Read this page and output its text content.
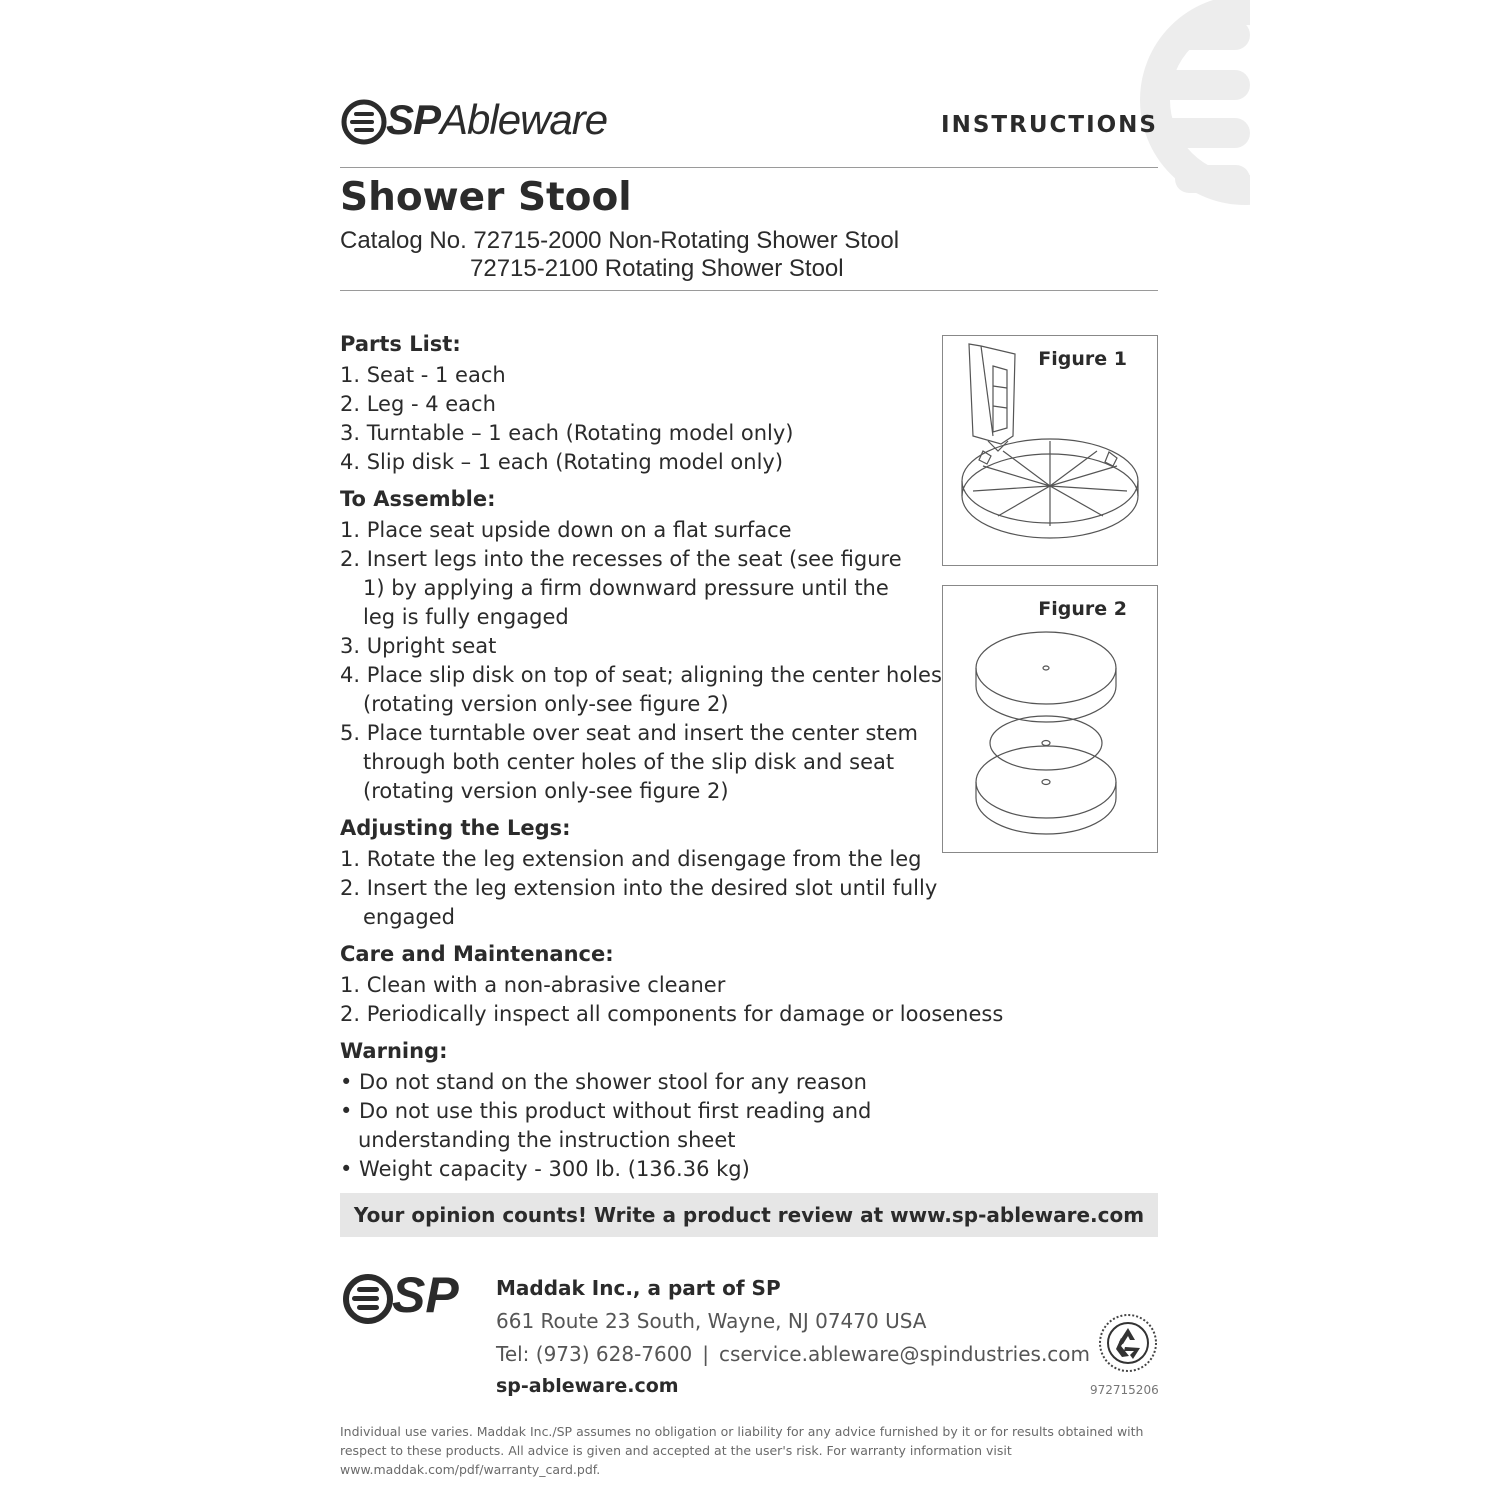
SPAbleware	INSTRUCTIONS
Shower Stool
Catalog No. 72715-2000 Non-Rotating Shower Stool
72715-2100 Rotating Shower Stool
Parts List:
1. Seat - 1 each
2. Leg - 4 each
3. Turntable – 1 each (Rotating model only)
4. Slip disk – 1 each (Rotating model only)
To Assemble:
1. Place seat upside down on a flat surface
2. Insert legs into the recesses of the seat (see figure 1) by applying a firm downward pressure until the leg is fully engaged
3. Upright seat
4. Place slip disk on top of seat; aligning the center holes (rotating version only-see figure 2)
5. Place turntable over seat and insert the center stem through both center holes of the slip disk and seat (rotating version only-see figure 2)
Adjusting the Legs:
1. Rotate the leg extension and disengage from the leg
2. Insert the leg extension into the desired slot until fully engaged
Care and Maintenance:
1. Clean with a non-abrasive cleaner
2. Periodically inspect all components for damage or looseness
Warning:
• Do not stand on the shower stool for any reason
• Do not use this product without first reading and understanding the instruction sheet
• Weight capacity - 300 lb. (136.36 kg)
Figure 1
Figure 2
Your opinion counts! Write a product review at www.sp-ableware.com
SP Maddak Inc., a part of SP
661 Route 23 South, Wayne, NJ 07470 USA
Tel: (973) 628-7600 | cservice.ableware@spindustries.com
sp-ableware.com	972715206
Individual use varies. Maddak Inc./SP assumes no obligation or liability for any advice furnished by it or for results obtained with respect to these products. All advice is given and accepted at the user's risk. For warranty information visit www.maddak.com/pdf/warranty_card.pdf.
